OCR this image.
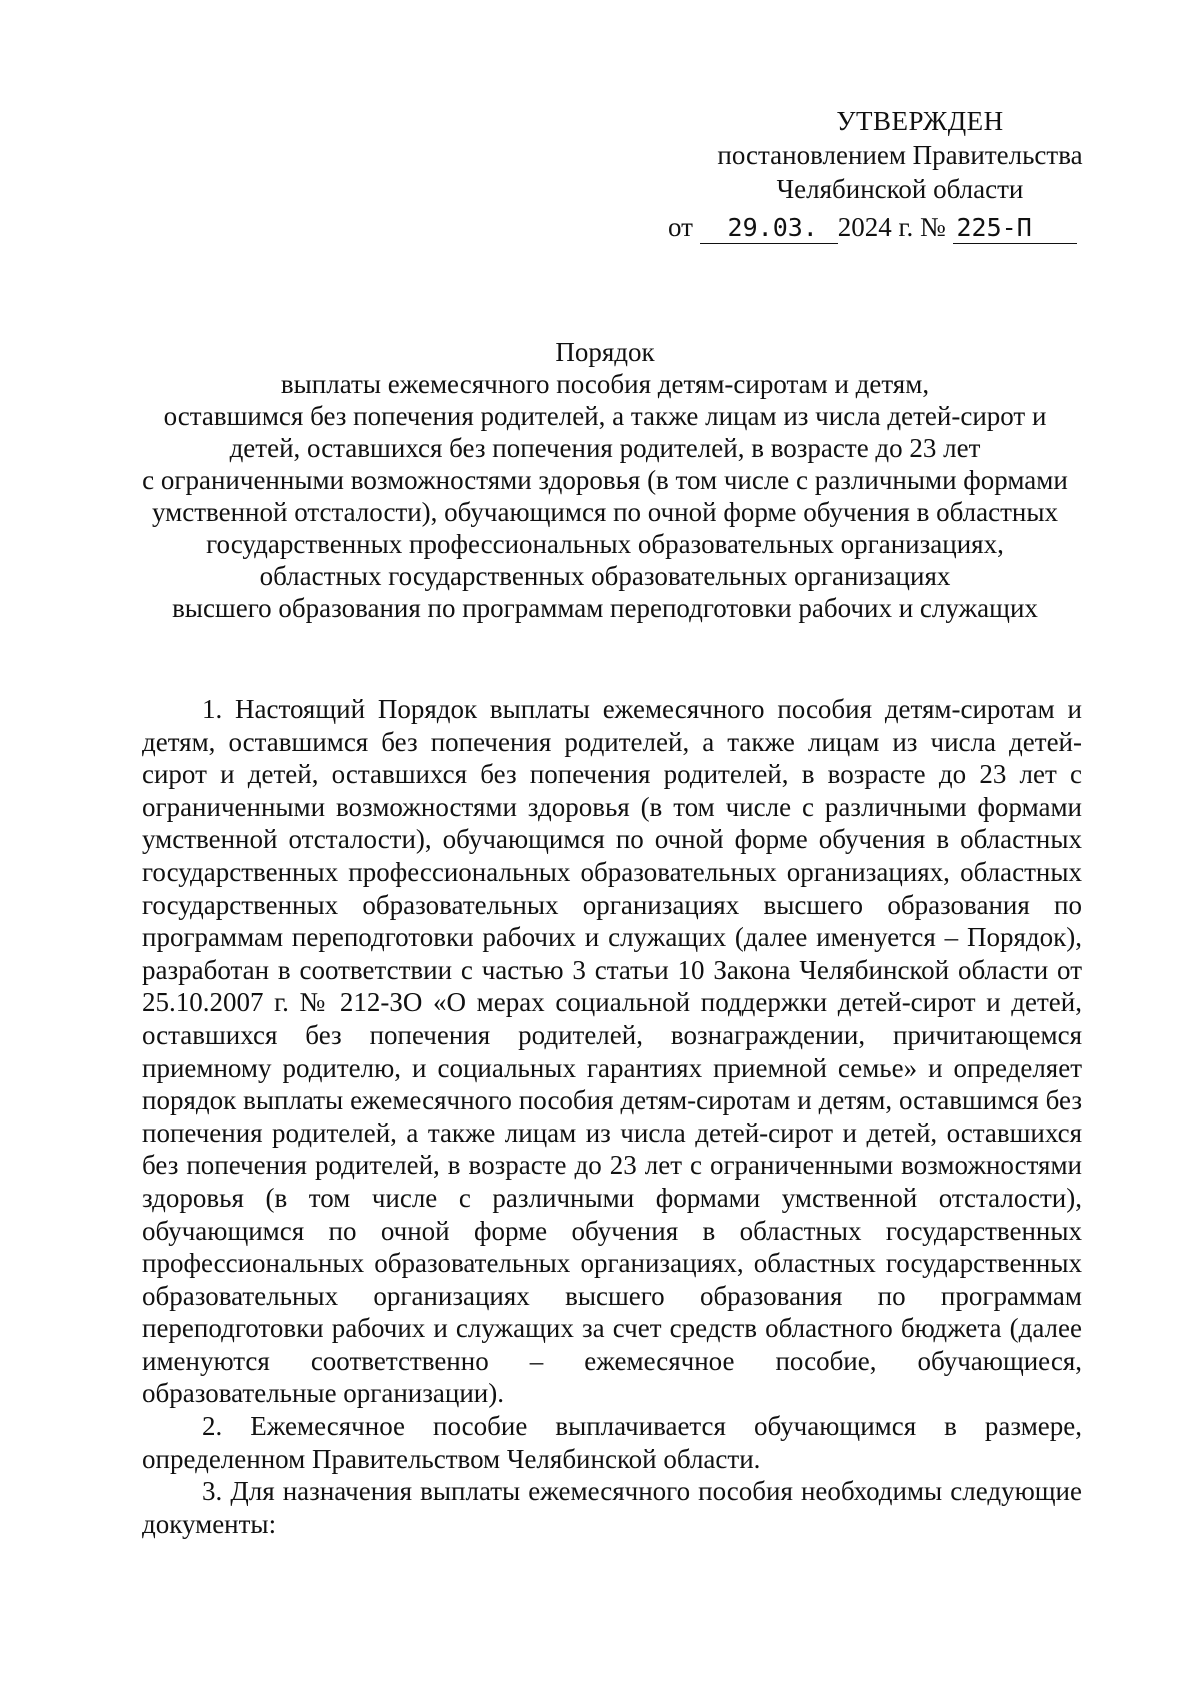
УТВЕРЖДЕН
постановлением Правительства
Челябинской области
от 29.03. 2024 г. № 225-П
Порядок
выплаты ежемесячного пособия детям-сиротам и детям,
оставшимся без попечения родителей, а также лицам из числа детей-сирот и
детей, оставшихся без попечения родителей, в возрасте до 23 лет
с ограниченными возможностями здоровья (в том числе с различными формами
умственной отсталости), обучающимся по очной форме обучения в областных
государственных профессиональных образовательных организациях,
областных государственных образовательных организациях
высшего образования по программам переподготовки рабочих и служащих

1. Настоящий Порядок выплаты ежемесячного пособия детям-сиротам и детям, оставшимся без попечения родителей, а также лицам из числа детей-сирот и детей, оставшихся без попечения родителей, в возрасте до 23 лет с ограниченными возможностями здоровья (в том числе с различными формами умственной отсталости), обучающимся по очной форме обучения в областных государственных профессиональных образовательных организациях, областных государственных образовательных организациях высшего образования по программам переподготовки рабочих и служащих (далее именуется – Порядок), разработан в соответствии с частью 3 статьи 10 Закона Челябинской области от 25.10.2007 г. № 212-ЗО «О мерах социальной поддержки детей-сирот и детей, оставшихся без попечения родителей, вознаграждении, причитающемся приемному родителю, и социальных гарантиях приемной семье» и определяет порядок выплаты ежемесячного пособия детям-сиротам и детям, оставшимся без попечения родителей, а также лицам из числа детей-сирот и детей, оставшихся без попечения родителей, в возрасте до 23 лет с ограниченными возможностями здоровья (в том числе с различными формами умственной отсталости), обучающимся по очной форме обучения в областных государственных профессиональных образовательных организациях, областных государственных образовательных организациях высшего образования по программам переподготовки рабочих и служащих за счет средств областного бюджета (далее именуются соответственно – ежемесячное пособие, обучающиеся, образовательные организации).

2. Ежемесячное пособие выплачивается обучающимся в размере, определенном Правительством Челябинской области.

3. Для назначения выплаты ежемесячного пособия необходимы следующие документы:
